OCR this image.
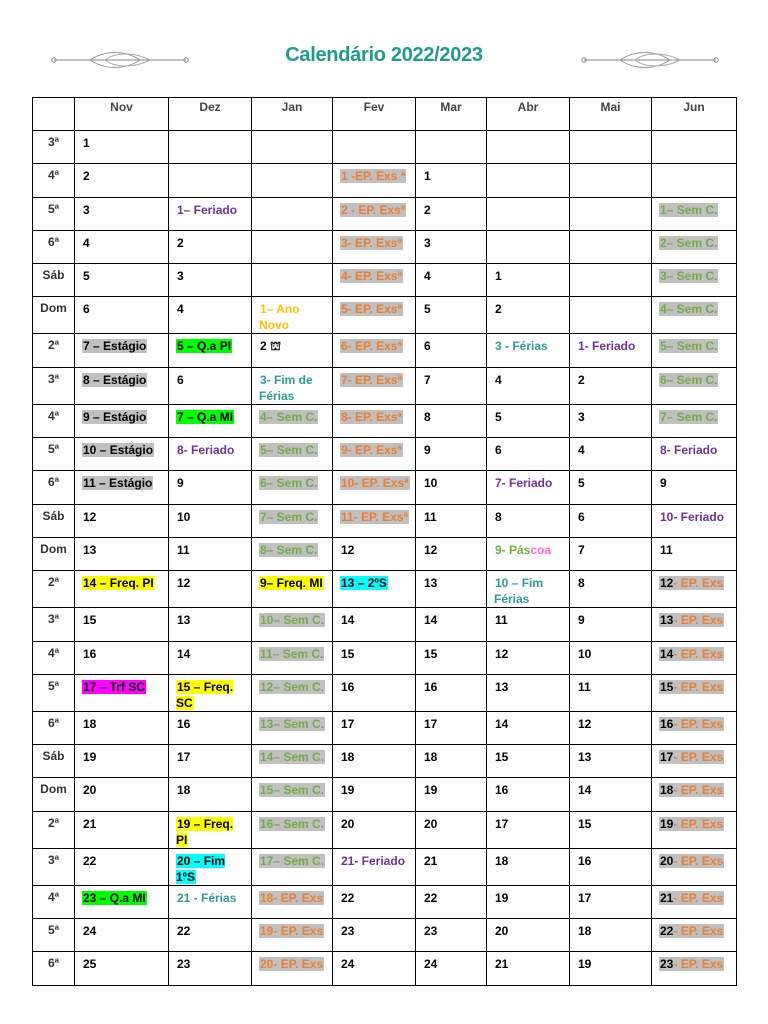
Calendário 2022/2023
	Nov	Dez	Jan	Fev	Mar	Abr	Mai	Jun
3ª	1							
4ª	2			1 -EP. Exs ª	1			
5ª	3	1– Feriado		2 - EP. Exsª	2			1– Sem C.
6ª	4	2		3- EP. Exsª	3			2– Sem C.
Sáb	5	3		4- EP. Exsª	4	1		3– Sem C.
Dom	6	4	1– Ano Novo	5- EP. Exsª	5	2		4– Sem C.
2ª	7 – Estágio	5 – Q.a PI	2 ⛫	6- EP. Exsª	6	3 - Férias	1- Feriado	5– Sem C.
3ª	8 – Estágio	6	3- Fim de Férias	7- EP. Exsª	7	4	2	6– Sem C.
4ª	9 – Estágio	7 – Q.a MI	4– Sem C.	8- EP. Exsª	8	5	3	7– Sem C.
5ª	10 – Estágio	8- Feriado	5– Sem C.	9- EP. Exsª	9	6	4	8- Feriado
6ª	11 – Estágio	9	6– Sem C.	10- EP. Exsª	10	7- Feriado	5	9
Sáb	12	10	7– Sem C.	11- EP. Exsª	11	8	6	10- Feriado
Dom	13	11	8– Sem C.	12	12	9- Páscoa	7	11
2ª	14 – Freq. PI	12	9– Freq. MI	13 – 2ºS	13	10 – Fim Férias	8	12- EP. Exs
3ª	15	13	10– Sem C.	14	14	11	9	13- EP. Exs
4ª	16	14	11– Sem C.	15	15	12	10	14- EP. Exs
5ª	17 – Trf SC	15 – Freq. SC	12– Sem C.	16	16	13	11	15- EP. Exs
6ª	18	16	13– Sem C.	17	17	14	12	16- EP. Exs
Sáb	19	17	14– Sem C.	18	18	15	13	17- EP. Exs
Dom	20	18	15– Sem C.	19	19	16	14	18- EP. Exs
2ª	21	19 – Freq. PI	16– Sem C.	20	20	17	15	19- EP. Exs
3ª	22	20 – Fim 1ºS	17– Sem C.	21- Feriado	21	18	16	20- EP. Exs
4ª	23 – Q.a MI	21 - Férias	18- EP. Exs	22	22	19	17	21- EP. Exs
5ª	24	22	19- EP. Exs	23	23	20	18	22- EP. Exs
6ª	25	23	20- EP. Exs	24	24	21	19	23- EP. Exs
